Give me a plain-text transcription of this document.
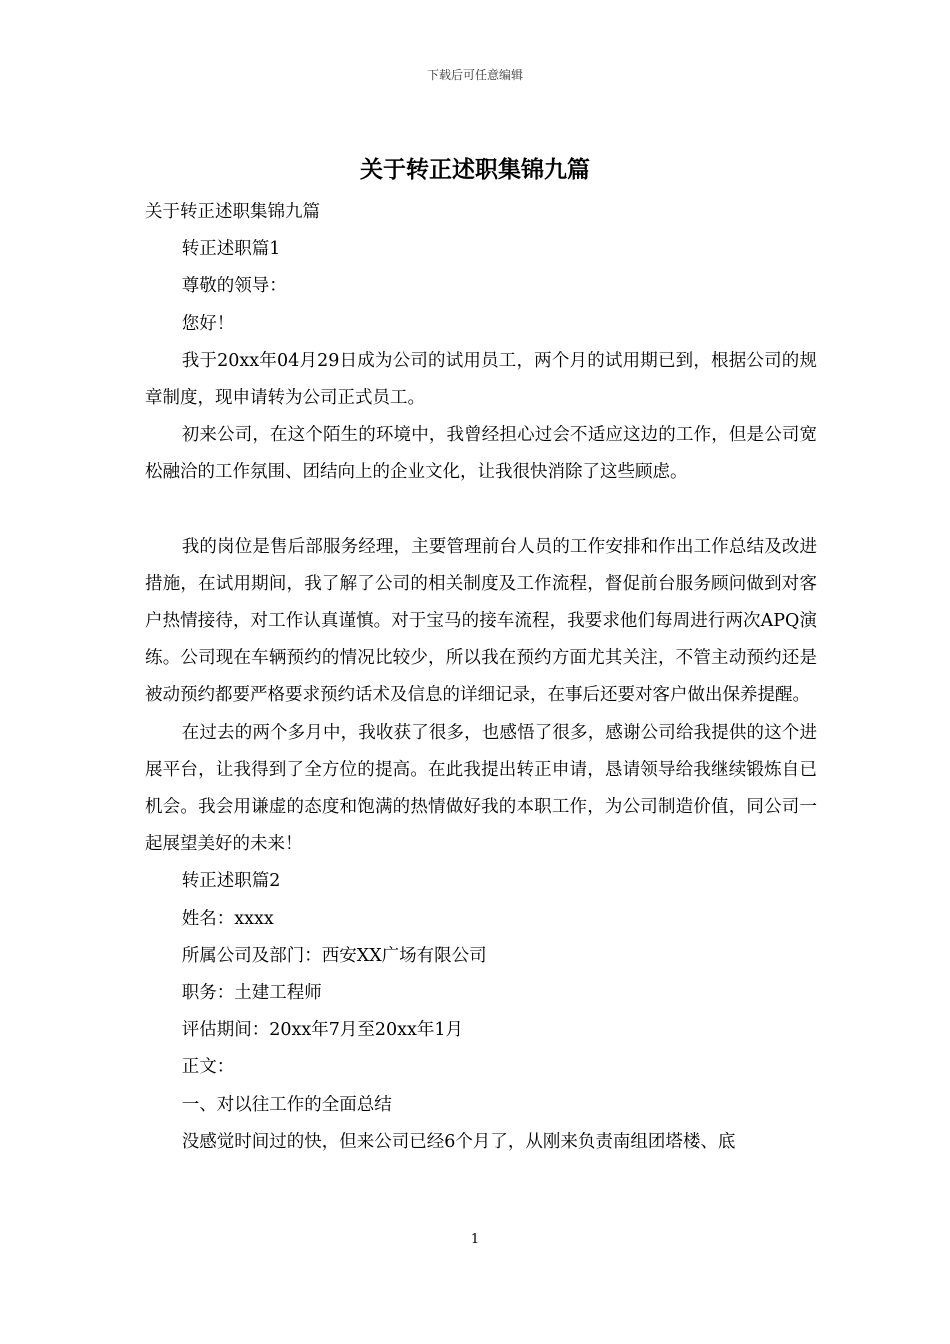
下载后可任意编辑
关于转正述职集锦九篇

关于转正述职集锦九篇

转正述职篇1

尊敬的领导：

您好！

我于20xx年04月29日成为公司的试用员工，两个月的试用期已到，根据公司的规章制度，现申请转为公司正式员工。

初来公司，在这个陌生的环境中，我曾经担心过会不适应这边的工作，但是公司宽松融洽的工作氛围、团结向上的企业文化，让我很快消除了这些顾虑。

我的岗位是售后部服务经理，主要管理前台人员的工作安排和作出工作总结及改进措施，在试用期间，我了解了公司的相关制度及工作流程，督促前台服务顾问做到对客户热情接待，对工作认真谨慎。对于宝马的接车流程，我要求他们每周进行两次APQ演练。公司现在车辆预约的情况比较少，所以我在预约方面尤其关注，不管主动预约还是被动预约都要严格要求预约话术及信息的详细记录，在事后还要对客户做出保养提醒。

在过去的两个多月中，我收获了很多，也感悟了很多，感谢公司给我提供的这个进展平台，让我得到了全方位的提高。在此我提出转正申请，恳请领导给我继续锻炼自已机会。我会用谦虚的态度和饱满的热情做好我的本职工作，为公司制造价值，同公司一起展望美好的未来！

转正述职篇2

姓名：xxxx

所属公司及部门：西安XX广场有限公司

职务：土建工程师

评估期间：20xx年7月至20xx年1月

正文：

一、对以往工作的全面总结

没感觉时间过的快，但来公司已经6个月了，从刚来负责南组团塔楼、底

1
